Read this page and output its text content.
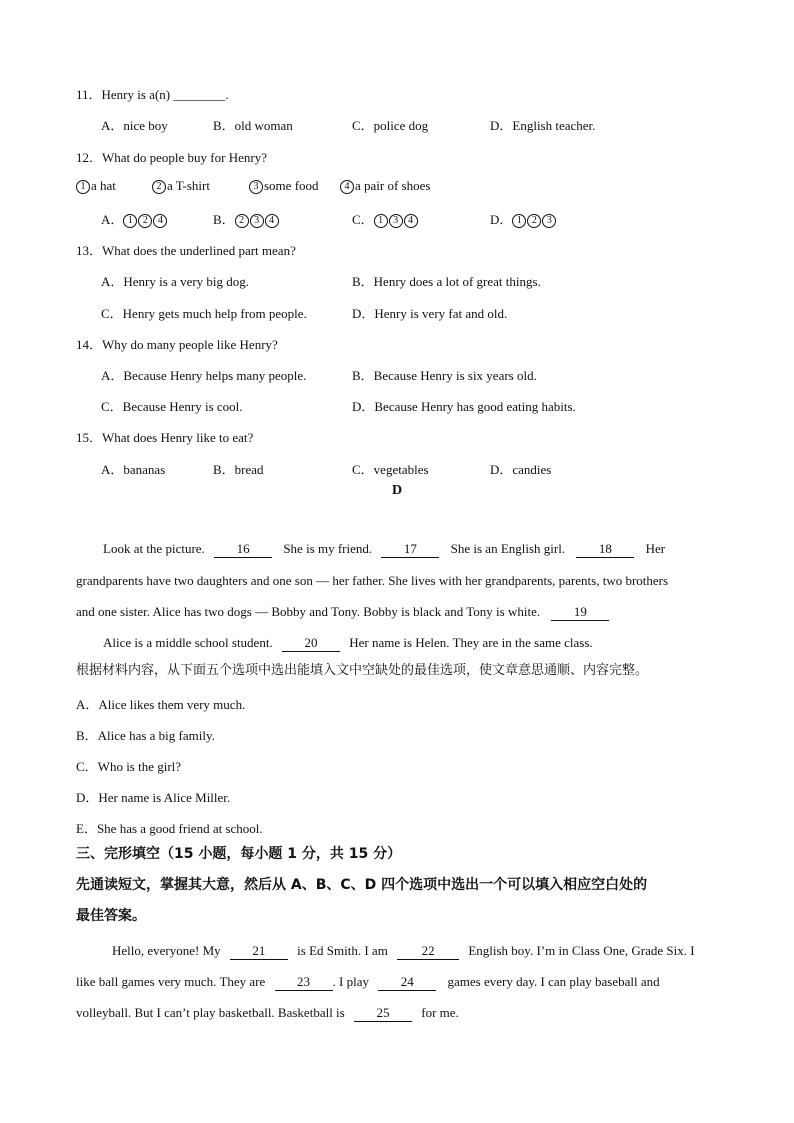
11．Henry is a(n) ________.
A．nice boy	B．old woman	C．police dog	D．English teacher.
12．What do people buy for Henry?
1 a hat	2 a T-shirt	3 some food	4 a pair of shoes
A． 1 2 4	B． 2 3 4	C． 1 3 4	D． 1 2 3
13．What does the underlined part mean?
A．Henry is a very big dog.	B．Henry does a lot of great things.
C．Henry gets much help from people.	D．Henry is very fat and old.
14．Why do many people like Henry?
A．Because Henry helps many people.	B．Because Henry is six years old.
C．Because Henry is cool.	D．Because Henry has good eating habits.
15．What does Henry like to eat?
A．bananas	B．bread	C．vegetables	D．candies
D
Look at the picture. 16	She is my friend. 17	She is an English girl.	18	Her
grandparents have two daughters and one son — her father. She lives with her grandparents, parents, two brothers
and one sister. Alice has two dogs — Bobby and Tony. Bobby is black and Tony is white.	19
Alice is a middle school student. 20 Her name is Helen. They are in the same class.
根据材料内容，从下面五个选项中选出能填入文中空缺处的最佳选项，使文章意思通顺、内容完整。
A．Alice likes them very much.
B．Alice has a big family.
C．Who is the girl?
D．Her name is Alice Miller.
E．She has a good friend at school.
三、完形填空（15 小题，每小题 1 分，共 15 分）
先通读短文，掌握其大意，然后从 A、B、C、D 四个选项中选出一个可以填入相应空白处的
最佳答案。
Hello, everyone! My 21 is Ed Smith. I am	22	English boy. I’m in Class One, Grade Six. I
like ball games very much. They are 23 . I play 24	games every day. I can play baseball and
volleyball. But I can’t play basketball. Basketball is 25 for me.
